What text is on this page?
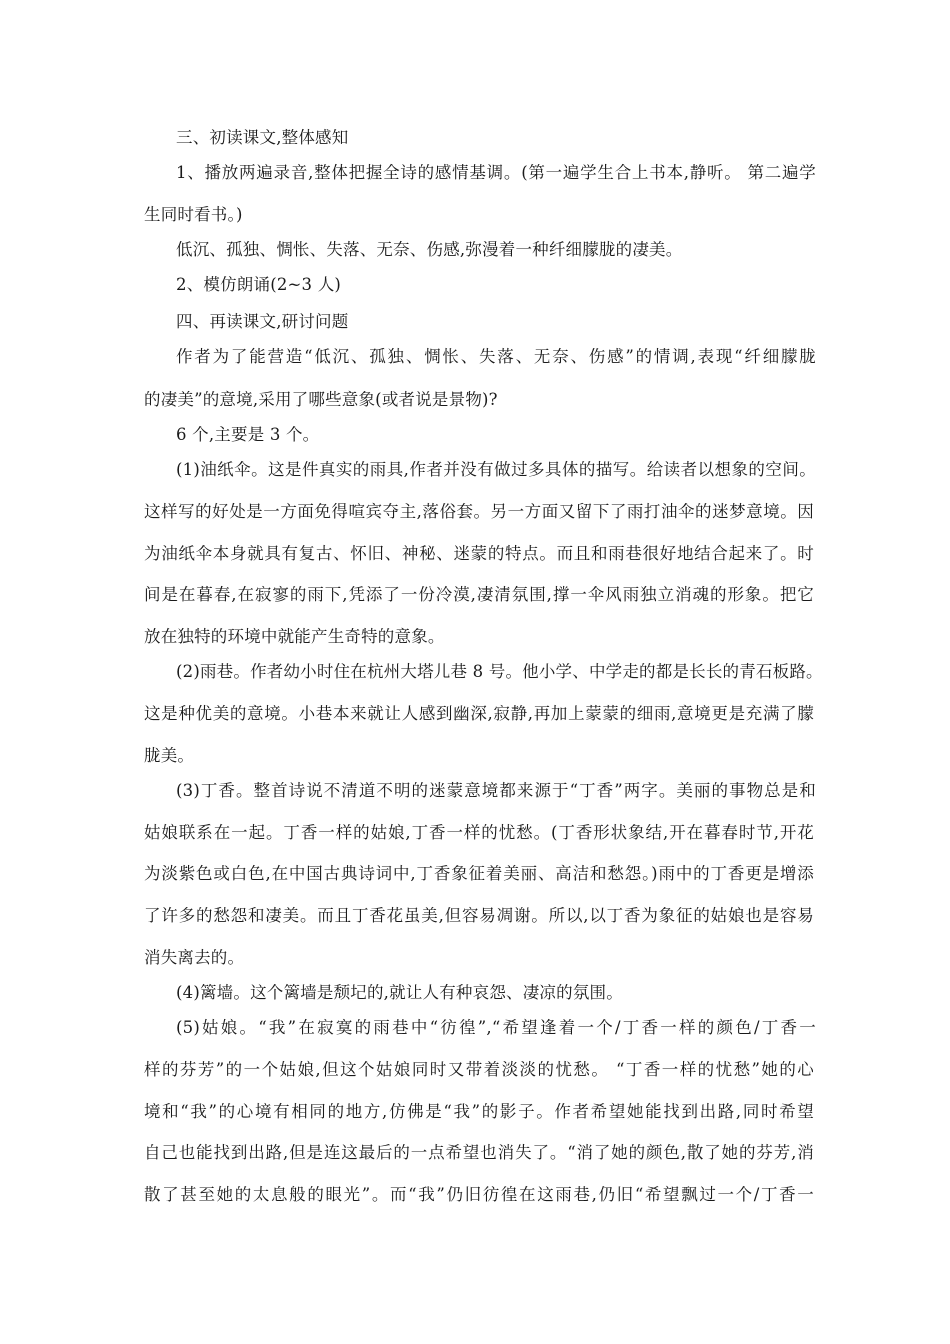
三、初读课文,整体感知
1、播放两遍录音,整体把握全诗的感情基调。(第一遍学生合上书本,静听。 第二遍学
生同时看书。)
低沉、孤独、惆怅、失落、无奈、伤感,弥漫着一种纤细朦胧的凄美。
2、模仿朗诵(2~3 人)
四、再读课文,研讨问题
作者为了能营造“低沉、孤独、惆怅、失落、无奈、伤感”的情调,表现“纤细朦胧
的凄美”的意境,采用了哪些意象(或者说是景物)?
6 个,主要是 3 个。
(1)油纸伞。这是件真实的雨具,作者并没有做过多具体的描写。给读者以想象的空间。
这样写的好处是一方面免得喧宾夺主,落俗套。另一方面又留下了雨打油伞的迷梦意境。因
为油纸伞本身就具有复古、怀旧、神秘、迷蒙的特点。而且和雨巷很好地结合起来了。时
间是在暮春,在寂寥的雨下,凭添了一份冷漠,凄清氛围,撑一伞风雨独立消魂的形象。把它
放在独特的环境中就能产生奇特的意象。
(2)雨巷。作者幼小时住在杭州大塔儿巷 8 号。他小学、中学走的都是长长的青石板路。
这是种优美的意境。小巷本来就让人感到幽深,寂静,再加上蒙蒙的细雨,意境更是充满了朦
胧美。
(3)丁香。整首诗说不清道不明的迷蒙意境都来源于“丁香”两字。美丽的事物总是和
姑娘联系在一起。丁香一样的姑娘,丁香一样的忧愁。(丁香形状象结,开在暮春时节,开花
为淡紫色或白色,在中国古典诗词中,丁香象征着美丽、高洁和愁怨。)雨中的丁香更是增添
了许多的愁怨和凄美。而且丁香花虽美,但容易凋谢。所以,以丁香为象征的姑娘也是容易
消失离去的。
(4)篱墙。这个篱墙是颓圮的,就让人有种哀怨、凄凉的氛围。
(5)姑娘。“我”在寂寞的雨巷中“彷徨”,“希望逢着一个/丁香一样的颜色/丁香一
样的芬芳”的一个姑娘,但这个姑娘同时又带着淡淡的忧愁。 “丁香一样的忧愁”她的心
境和“我”的心境有相同的地方,仿佛是“我”的影子。作者希望她能找到出路,同时希望
自己也能找到出路,但是连这最后的一点希望也消失了。“消了她的颜色,散了她的芬芳,消
散了甚至她的太息般的眼光”。而“我”仍旧彷徨在这雨巷,仍旧“希望飘过一个/丁香一
